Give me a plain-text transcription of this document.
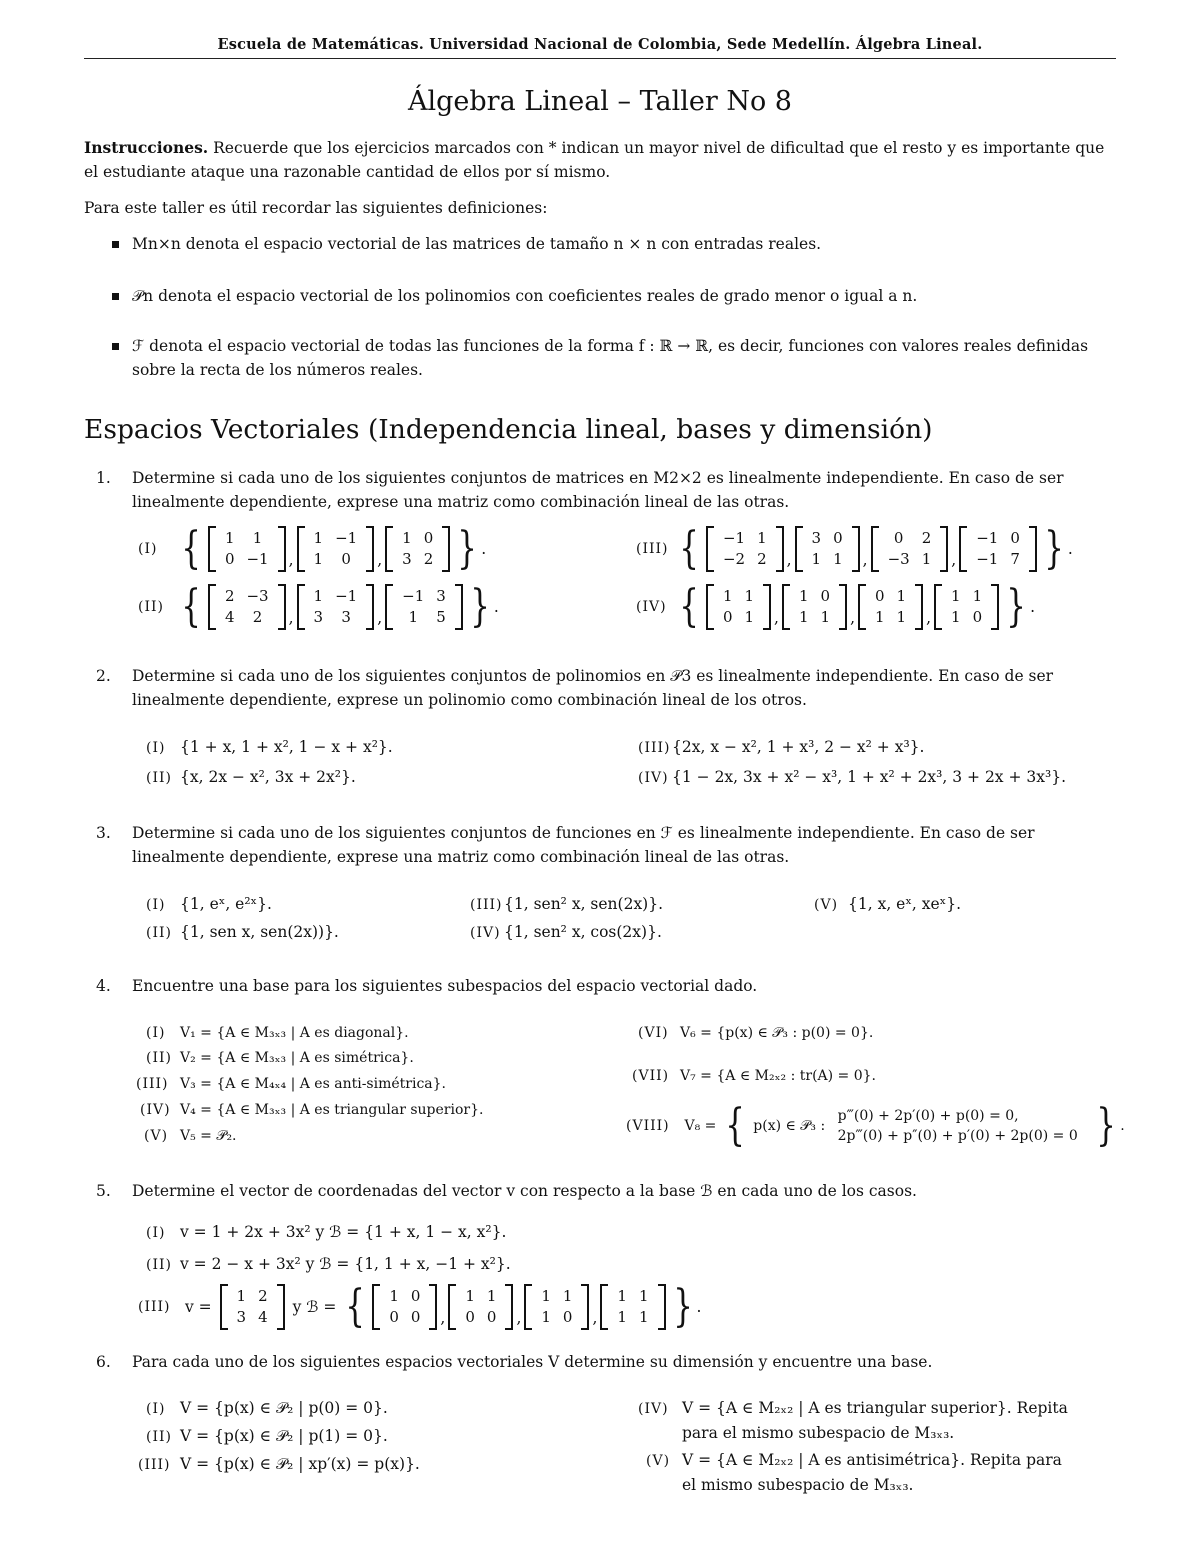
Escuela de Matemáticas. Universidad Nacional de Colombia, Sede Medellín. Álgebra Lineal.
Álgebra Lineal – Taller No 8
Instrucciones. Recuerde que los ejercicios marcados con * indican un mayor nivel de dificultad que el resto y es importante que el estudiante ataque una razonable cantidad de ellos por sí mismo.
Para este taller es útil recordar las siguientes definiciones:
Mn×n denota el espacio vectorial de las matrices de tamaño n × n con entradas reales.
𝒫n denota el espacio vectorial de los polinomios con coeficientes reales de grado menor o igual a n.
ℱ denota el espacio vectorial de todas las funciones de la forma f : ℝ → ℝ, es decir, funciones con valores reales definidas sobre la recta de los números reales.
Espacios Vectoriales (Independencia lineal, bases y dimensión)
1. Determine si cada uno de los siguientes conjuntos de matrices en M2×2 es linealmente independiente. En caso de ser linealmente dependiente, exprese una matriz como combinación lineal de las otras.
(I) { 1	1
0	−1 ,
1	−1
1	0 ,
1	0
3	2 } .
(II) { 2	−3
4	2 ,
1	−1
3	3 ,
−1	3
1	5 } .
(III) { −1	1
−2	2 ,
3	0
1	1 ,
0	2
−3	1 ,
−1	0
−1	7 } .
(IV) { 1	1
0	1 ,
1	0
1	1 ,
0	1
1	1 ,
1	1
1	0 } .
2. Determine si cada uno de los siguientes conjuntos de polinomios en 𝒫3 es linealmente independiente. En caso de ser linealmente dependiente, exprese un polinomio como combinación lineal de los otros.
(I) {1 + x, 1 + x², 1 − x + x²}.
(II) {x, 2x − x², 3x + 2x²}.
(III){2x, x − x², 1 + x³, 2 − x² + x³}.
(IV) {1 − 2x, 3x + x² − x³, 1 + x² + 2x³, 3 + 2x + 3x³}.
3. Determine si cada uno de los siguientes conjuntos de funciones en ℱ es linealmente independiente. En caso de ser linealmente dependiente, exprese una matriz como combinación lineal de las otras.
(I) {1, eˣ, e²ˣ}.
(II) {1, sen x, sen(2x))}.
(III){1, sen² x, sen(2x)}.
(IV) {1, sen² x, cos(2x)}.
(V) {1, x, eˣ, xeˣ}.
4. Encuentre una base para los siguientes subespacios del espacio vectorial dado.
(I) V₁ = {A ∈ M₃ₓ₃ | A es diagonal}.
(II) V₂ = {A ∈ M₃ₓ₃ | A es simétrica}.
(III) V₃ = {A ∈ M₄ₓ₄ | A es anti-simétrica}.
(IV) V₄ = {A ∈ M₃ₓ₃ | A es triangular superior}.
(V) V₅ = 𝒫₂.
(VI) V₆ = {p(x) ∈ 𝒫₃ : p(0) = 0}.
(VII) V₇ = {A ∈ M₂ₓ₂ : tr(A) = 0}.
(VIII) V₈ = { p(x) ∈ 𝒫₃ :
p‴(0) + 2p′(0) + p(0) = 0,
2p‴(0) + p″(0) + p′(0) + 2p(0) = 0 } .
5. Determine el vector de coordenadas del vector v con respecto a la base ℬ en cada uno de los casos.
(I) v = 1 + 2x + 3x² y ℬ = {1 + x, 1 − x, x²}.
(II) v = 2 − x + 3x² y ℬ = {1, 1 + x, −1 + x²}.
(III) v =
1	2
3	4
y ℬ = { 1	0
0	0 ,
1	1
0	0 ,
1	1
1	0 ,
1	1
1	1 } .
6. Para cada uno de los siguientes espacios vectoriales V determine su dimensión y encuentre una base.
(I) V = {p(x) ∈ 𝒫₂ | p(0) = 0}.
(II) V = {p(x) ∈ 𝒫₂ | p(1) = 0}.
(III) V = {p(x) ∈ 𝒫₂ | xp′(x) = p(x)}.
(IV) V = {A ∈ M₂ₓ₂ | A es triangular superior}. Repita
para el mismo subespacio de M₃ₓ₃.
(V) V = {A ∈ M₂ₓ₂ | A es antisimétrica}. Repita para
el mismo subespacio de M₃ₓ₃.
